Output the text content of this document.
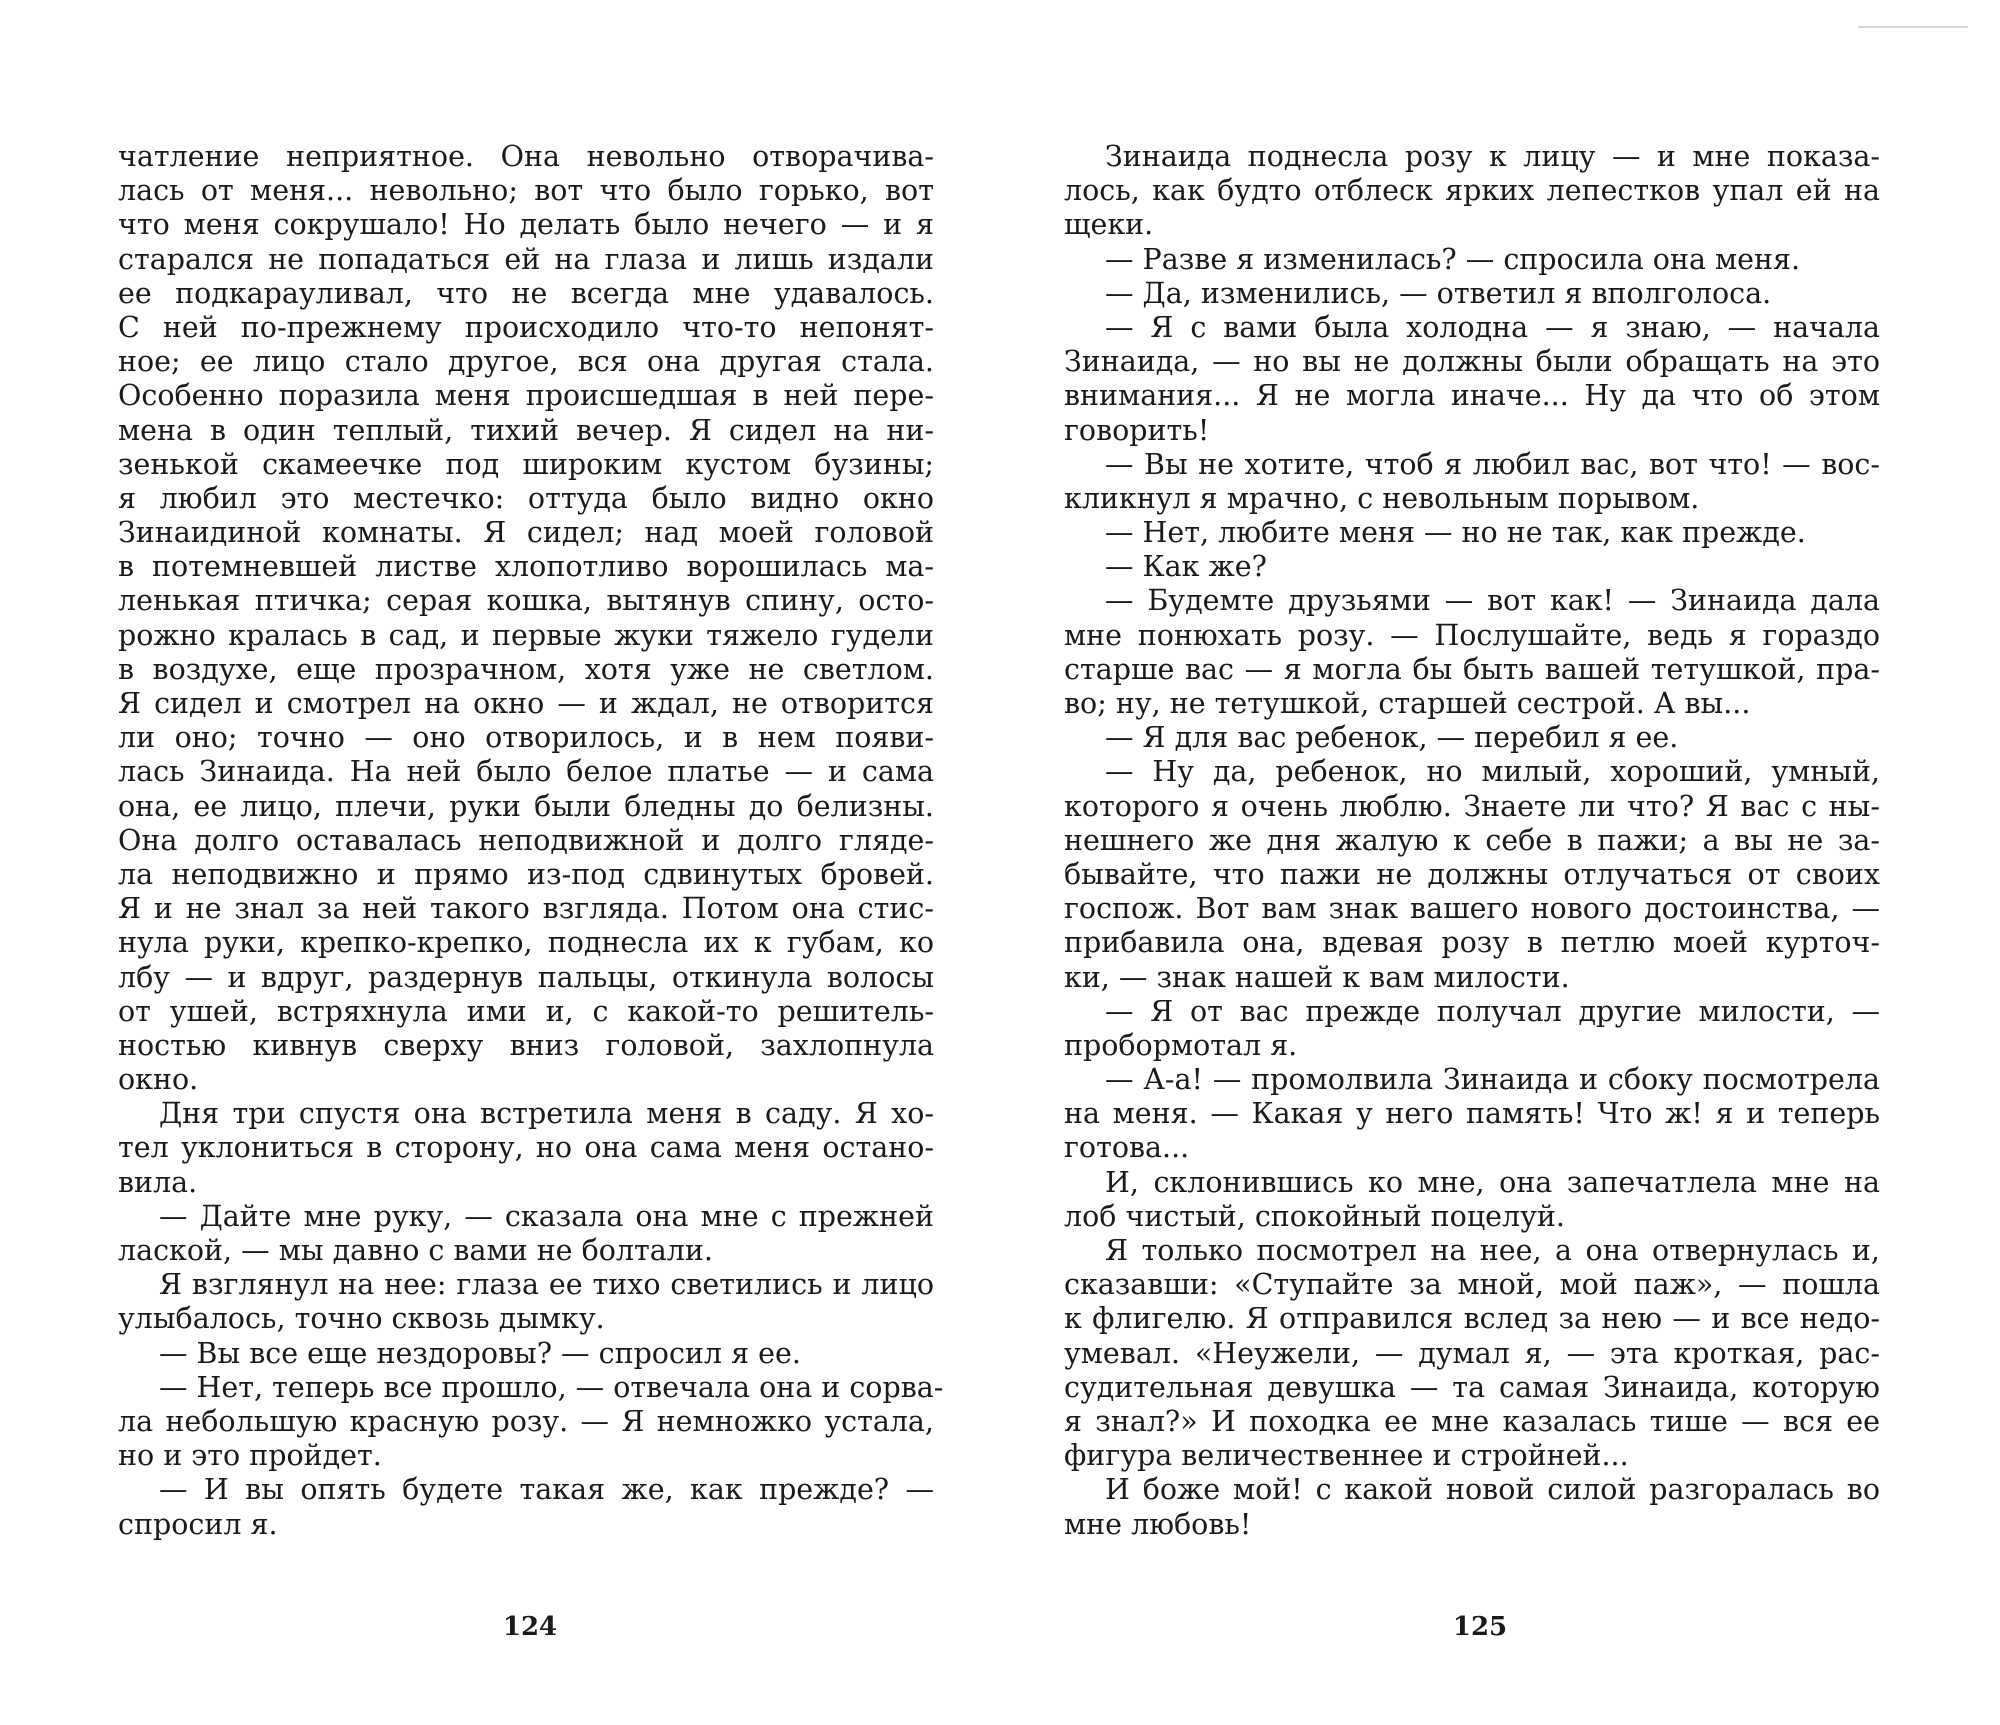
чатление неприятное. Она невольно отворачива-
лась от меня... невольно; вот что было горько, вот
что меня сокрушало! Но делать было нечего — и я
старался не попадаться ей на глаза и лишь издали
ее подкарауливал, что не всегда мне удавалось.
С ней по-прежнему происходило что-то непонят-
ное; ее лицо стало другое, вся она другая стала.
Особенно поразила меня происшедшая в ней пере-
мена в один теплый, тихий вечер. Я сидел на ни-
зенькой скамеечке под широким кустом бузины;
я любил это местечко: оттуда было видно окно
Зинаидиной комнаты. Я сидел; над моей головой
в потемневшей листве хлопотливо ворошилась ма-
ленькая птичка; серая кошка, вытянув спину, осто-
рожно кралась в сад, и первые жуки тяжело гудели
в воздухе, еще прозрачном, хотя уже не светлом.
Я сидел и смотрел на окно — и ждал, не отворится
ли оно; точно — оно отворилось, и в нем появи-
лась Зинаида. На ней было белое платье — и сама
она, ее лицо, плечи, руки были бледны до белизны.
Она долго оставалась неподвижной и долго гляде-
ла неподвижно и прямо из-под сдвинутых бровей.
Я и не знал за ней такого взгляда. Потом она стис-
нула руки, крепко-крепко, поднесла их к губам, ко
лбу — и вдруг, раздернув пальцы, откинула волосы
от ушей, встряхнула ими и, с какой-то решитель-
ностью кивнув сверху вниз головой, захлопнула
окно.
Дня три спустя она встретила меня в саду. Я хо-
тел уклониться в сторону, но она сама меня остано-
вила.
— Дайте мне руку, — сказала она мне с прежней
лаской, — мы давно с вами не болтали.
Я взглянул на нее: глаза ее тихо светились и лицо
улыбалось, точно сквозь дымку.
— Вы все еще нездоровы? — спросил я ее.
— Нет, теперь все прошло, — отвечала она и сорва-
ла небольшую красную розу. — Я немножко устала,
но и это пройдет.
— И вы опять будете такая же, как прежде? —
спросил я.
124
Зинаида поднесла розу к лицу — и мне показа-
лось, как будто отблеск ярких лепестков упал ей на
щеки.
— Разве я изменилась? — спросила она меня.
— Да, изменились, — ответил я вполголоса.
— Я с вами была холодна — я знаю, — начала
Зинаида, — но вы не должны были обращать на это
внимания... Я не могла иначе... Ну да что об этом
говорить!
— Вы не хотите, чтоб я любил вас, вот что! — вос-
кликнул я мрачно, с невольным порывом.
— Нет, любите меня — но не так, как прежде.
— Как же?
— Будемте друзьями — вот как! — Зинаида дала
мне понюхать розу. — Послушайте, ведь я гораздо
старше вас — я могла бы быть вашей тетушкой, пра-
во; ну, не тетушкой, старшей сестрой. А вы...
— Я для вас ребенок, — перебил я ее.
— Ну да, ребенок, но милый, хороший, умный,
которого я очень люблю. Знаете ли что? Я вас с ны-
нешнего же дня жалую к себе в пажи; а вы не за-
бывайте, что пажи не должны отлучаться от своих
госпож. Вот вам знак вашего нового достоинства, —
прибавила она, вдевая розу в петлю моей курточ-
ки, — знак нашей к вам милости.
— Я от вас прежде получал другие милости, —
пробормотал я.
— А-а! — промолвила Зинаида и сбоку посмотрела
на меня. — Какая у него память! Что ж! я и теперь
готова...
И, склонившись ко мне, она запечатлела мне на
лоб чистый, спокойный поцелуй.
Я только посмотрел на нее, а она отвернулась и,
сказавши: «Ступайте за мной, мой паж», — пошла
к флигелю. Я отправился вслед за нею — и все недо-
умевал. «Неужели, — думал я, — эта кроткая, рас-
судительная девушка — та самая Зинаида, которую
я знал?» И походка ее мне казалась тише — вся ее
фигура величественнее и стройней...
И боже мой! с какой новой силой разгоралась во
мне любовь!
125
